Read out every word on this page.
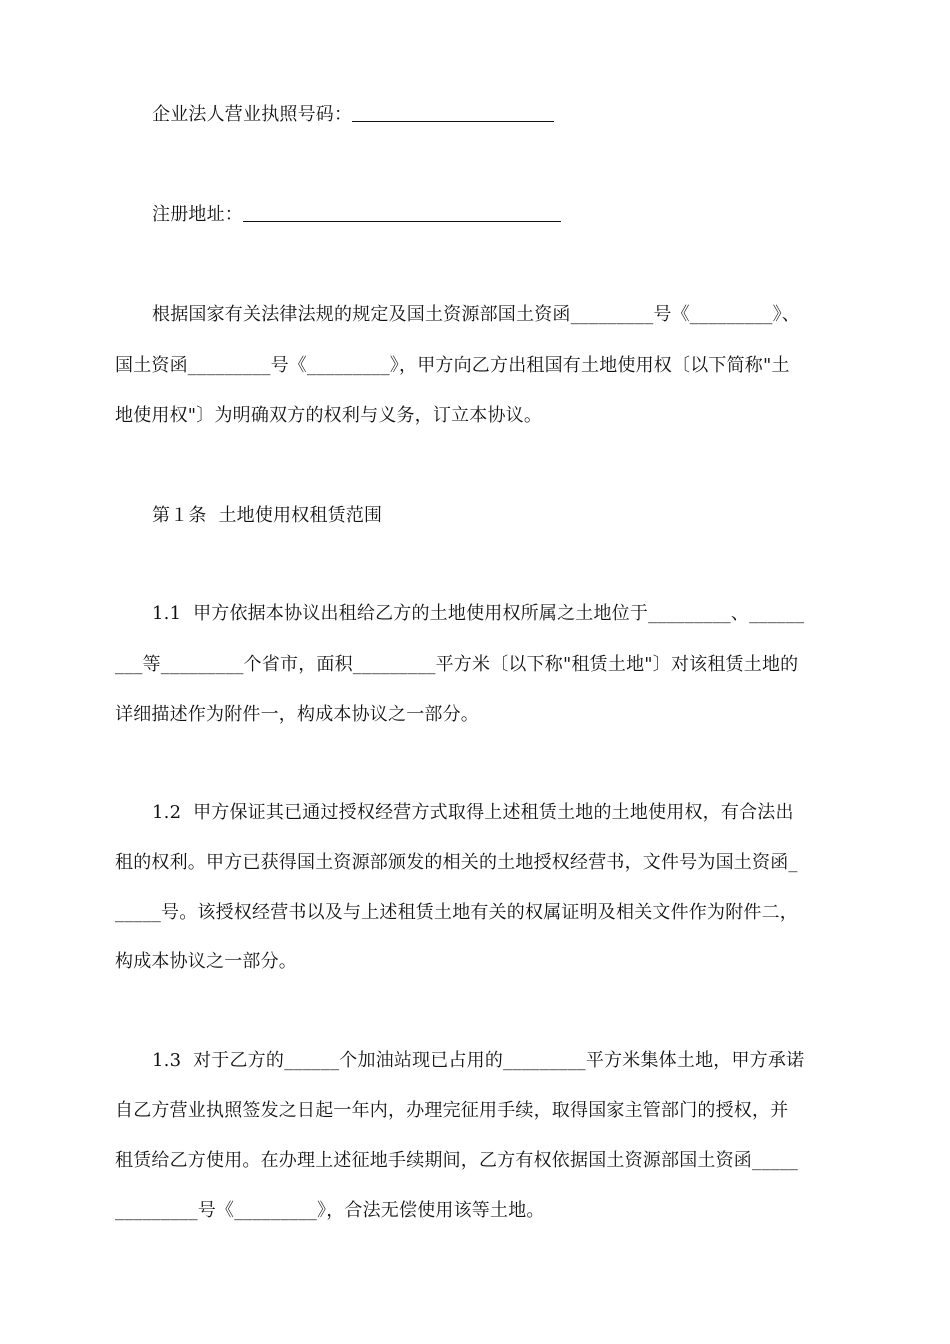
企业法人营业执照号码：
注册地址：
根据国家有关法律法规的规定及国土资源部国土资函_________号《_________》、
国土资函_________号《_________》，甲方向乙方出租国有土地使用权〔以下简称"土
地使用权"〕为明确双方的权利与义务，订立本协议。
第１条  土地使用权租赁范围
1.1  甲方依据本协议出租给乙方的土地使用权所属之土地位于_________、______
___等_________个省市，面积_________平方米〔以下称"租赁土地"〕对该租赁土地的
详细描述作为附件一，构成本协议之一部分。
1.2  甲方保证其已通过授权经营方式取得上述租赁土地的土地使用权，有合法出
租的权利。甲方已获得国土资源部颁发的相关的土地授权经营书，文件号为国土资函_
_____号。该授权经营书以及与上述租赁土地有关的权属证明及相关文件作为附件二，
构成本协议之一部分。
1.3  对于乙方的______个加油站现已占用的_________平方米集体土地，甲方承诺
自乙方营业执照签发之日起一年内，办理完征用手续，取得国家主管部门的授权，并
租赁给乙方使用。在办理上述征地手续期间，乙方有权依据国土资源部国土资函_____
_________号《_________》，合法无偿使用该等土地。
